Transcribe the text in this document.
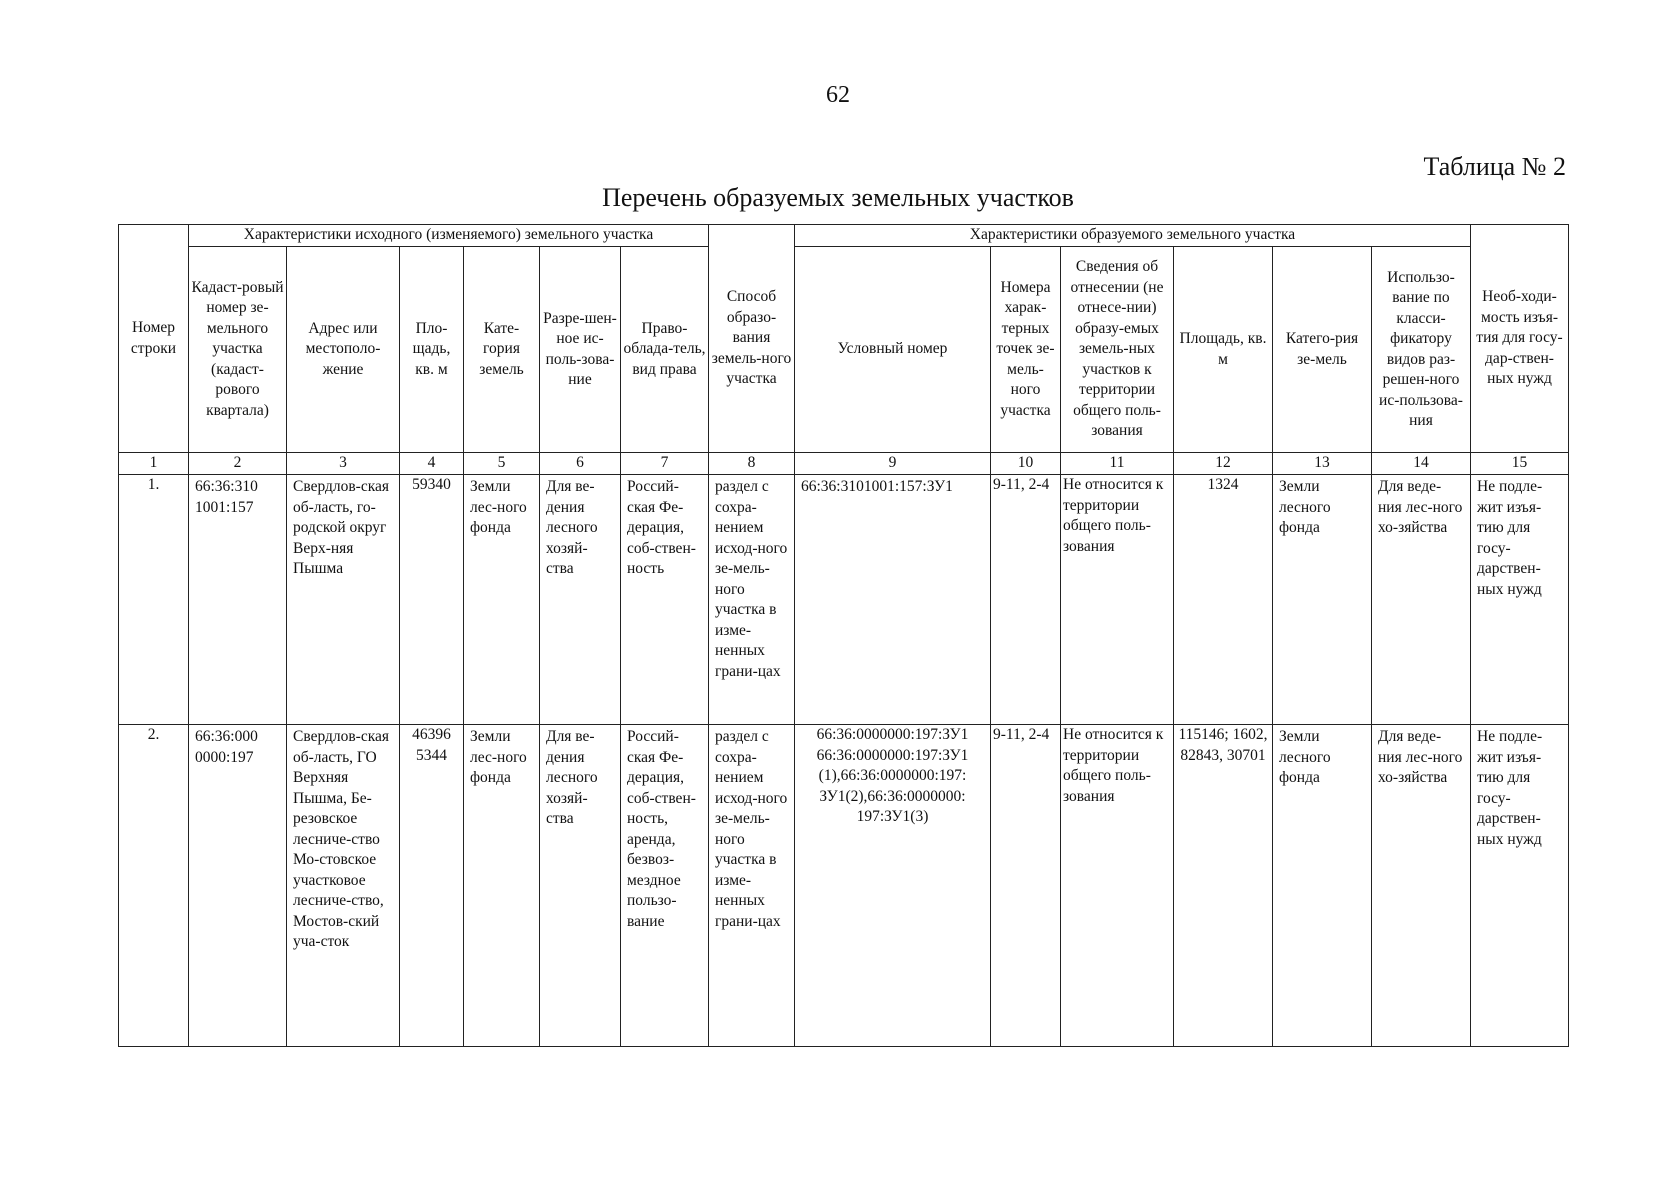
62
Таблица № 2
Перечень образуемых земельных участков
Номер строки	Характеристики исходного (изменяемого) земельного участка						Способ образо-вания земель-ного участка	Характеристики образуемого земельного участка						Необ-ходи-мость изъя-тия для госу-дар-ствен-ных нужд
	Кадаст-ровый номер зе-мельного участка (кадаст-рового квартала)	Адрес или местополо-жение	Пло-щадь, кв. м	Кате-гория земель	Разре-шен-ное ис-поль-зова-ние	Право-облада-тель, вид права		Условный номер	Номера харак-терных точек зе-мель-ного участка	Сведения об отнесении (не отнесе-нии) образу-емых земель-ных участков к территории общего поль-зования	Площадь, кв. м	Катего-рия зе-мель	Использо-вание по класси-фикатору видов раз-решен-ного ис-пользова-ния	
1	2	3	4	5	6	7	8	9	10	11	12	13	14	15
1.	66:36:310 1001:157	Свердлов-ская об-ласть, го-родской округ Верх-няя Пышма	59340	Земли лес-ного фонда	Для ве-дения лесного хозяй-ства	Россий-ская Фе-дерация, соб-ствен-ность	раздел с сохра-нением исход-ного зе-мель-ного участка в изме-ненных грани-цах	66:36:3101001:157:ЗУ1	9-11, 2-4	Не относится к территории общего поль-зования	1324	Земли лесного фонда	Для веде-ния лес-ного хо-зяйства	Не подле-жит изъя-тию для госу-дарствен-ных нужд
2.	66:36:000 0000:197	Свердлов-ская об-ласть, ГО Верхняя Пышма, Бе-резовское лесниче-ство Мо-стовское участковое лесниче-ство, Мостов-ский уча-сток	46396 5344	Земли лес-ного фонда	Для ве-дения лесного хозяй-ства	Россий-ская Фе-дерация, соб-ствен-ность, аренда, безвоз-мездное пользо-вание	раздел с сохра-нением исход-ного зе-мель-ного участка в изме-ненных грани-цах	66:36:0000000:197:ЗУ1 66:36:0000000:197:ЗУ1 (1),66:36:0000000:197: ЗУ1(2),66:36:0000000: 197:ЗУ1(3)	9-11, 2-4	Не относится к территории общего поль-зования	115146; 1602, 82843, 30701	Земли лесного фонда	Для веде-ния лес-ного хо-зяйства	Не подле-жит изъя-тию для госу-дарствен-ных нужд
